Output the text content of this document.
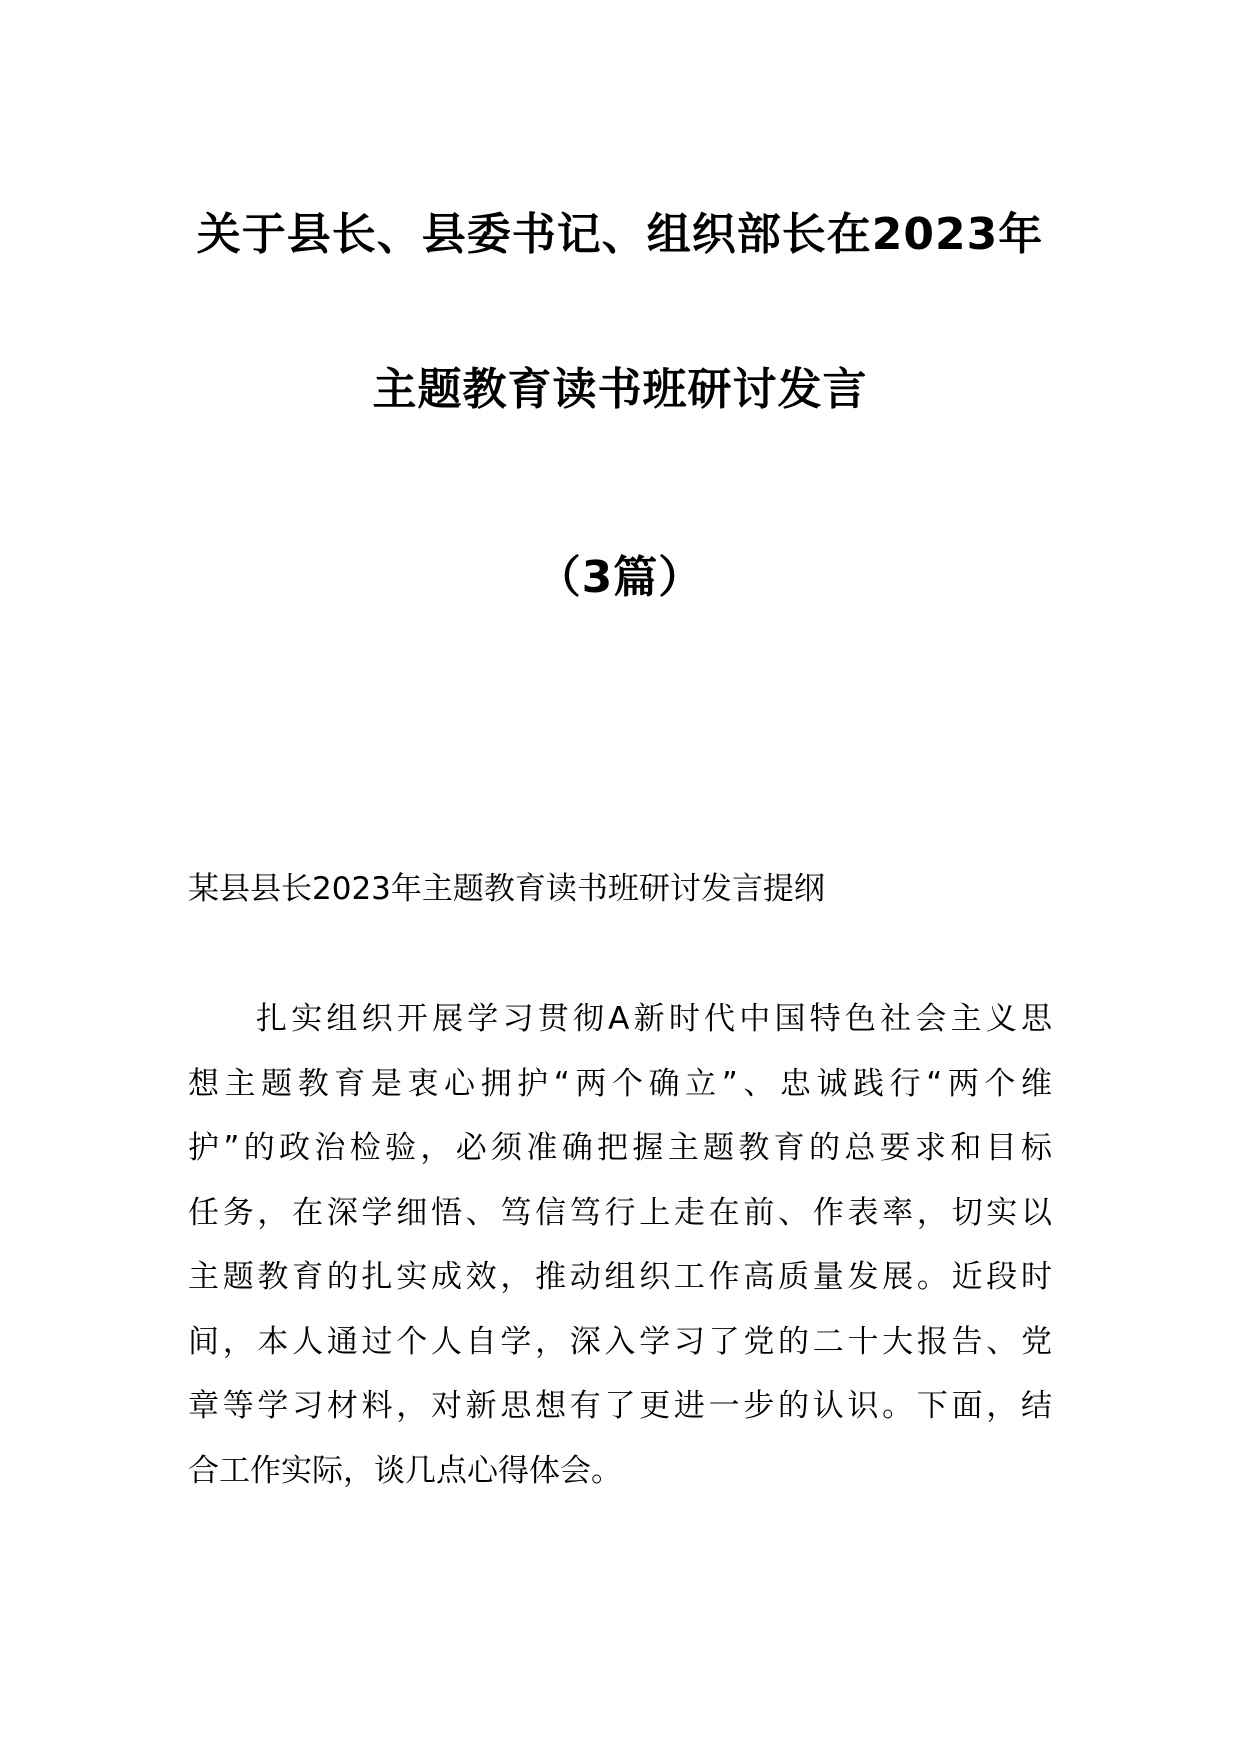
关于县长、县委书记、组织部长在2023年
主题教育读书班研讨发言
（3篇）
某县县长2023年主题教育读书班研讨发言提纲
扎实组织开展学习贯彻A新时代中国特色社会主义思
想主题教育是衷心拥护“两个确立”、忠诚践行“两个维
护”的政治检验，必须准确把握主题教育的总要求和目标
任务，在深学细悟、笃信笃行上走在前、作表率，切实以
主题教育的扎实成效，推动组织工作高质量发展。近段时
间，本人通过个人自学，深入学习了党的二十大报告、党
章等学习材料，对新思想有了更进一步的认识。下面，结
合工作实际，谈几点心得体会。
